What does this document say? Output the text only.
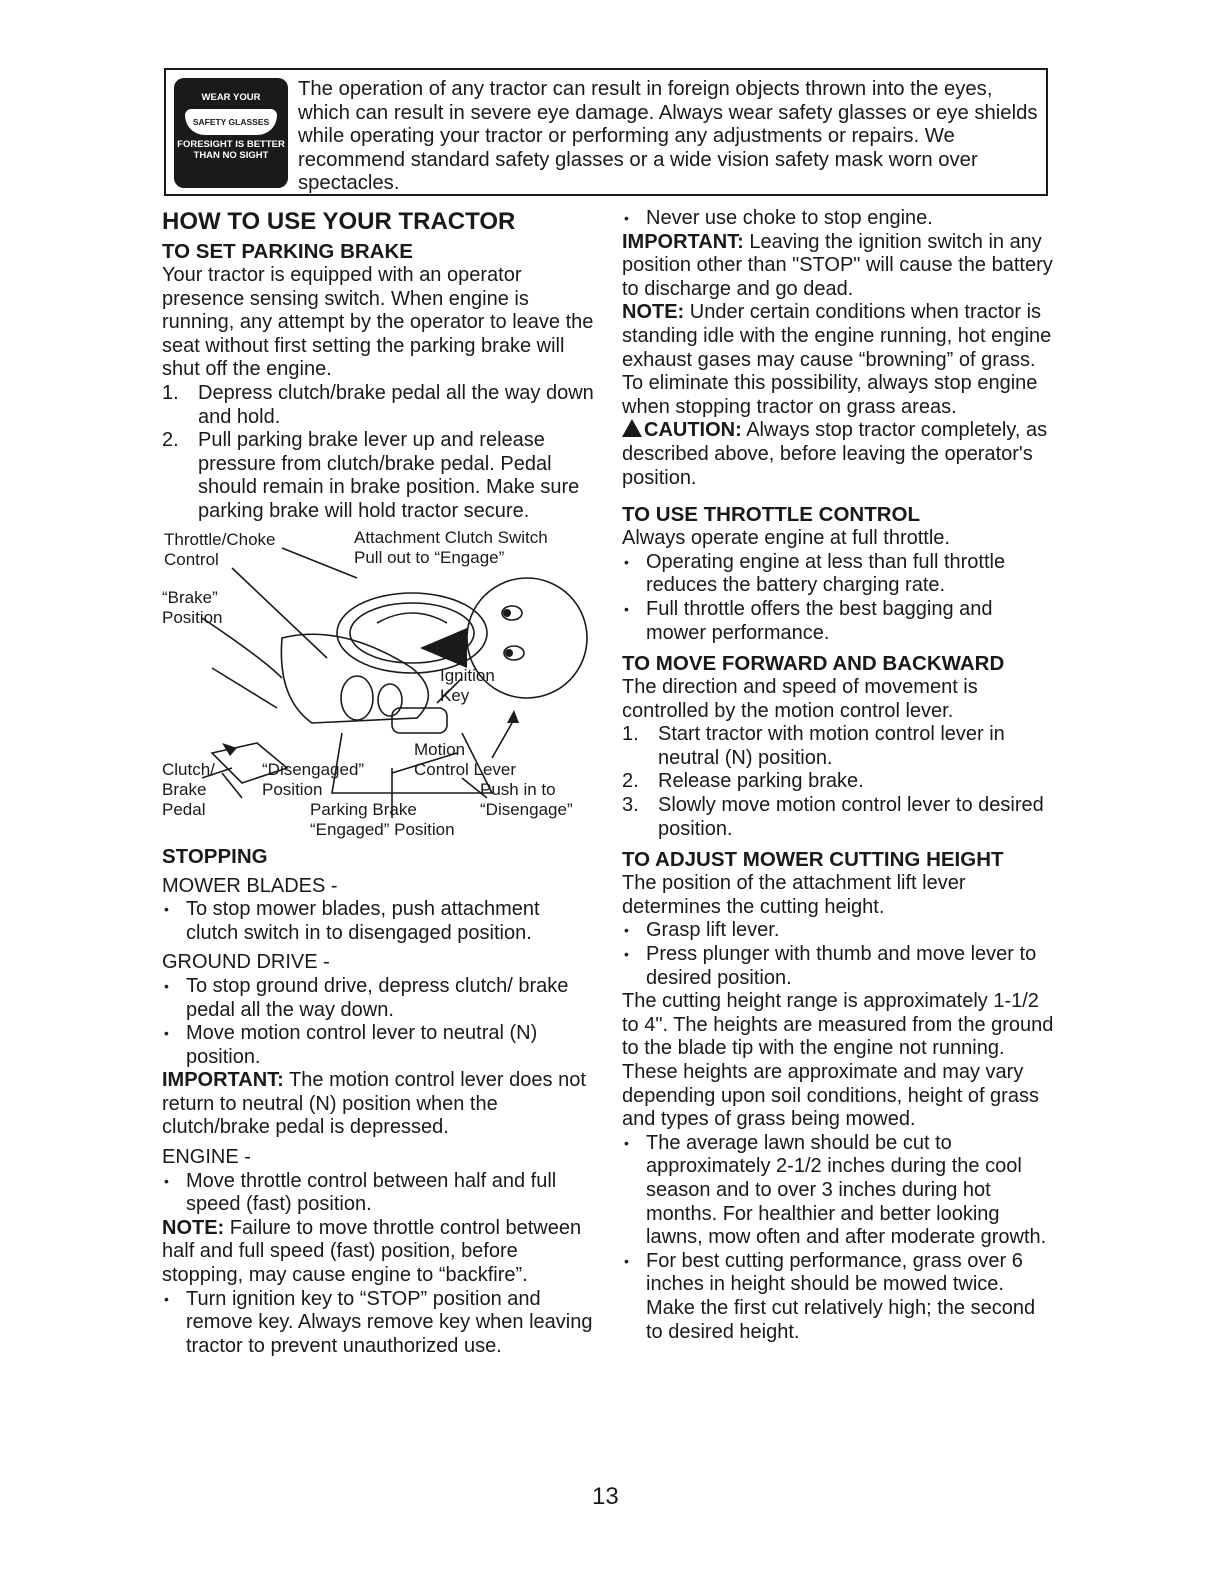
WEAR YOUR
SAFETY GLASSES
FORESIGHT IS BETTER THAN NO SIGHT
The operation of any tractor can result in foreign objects thrown into the eyes, which can result in severe eye damage. Always wear safety glasses or eye shields while operating your tractor or performing any adjustments or repairs. We recommend standard safety glasses or a wide vision safety mask worn over spectacles.
HOW TO USE YOUR TRACTOR
TO SET PARKING BRAKE

Your tractor is equipped with an operator presence sensing switch. When engine is running, any attempt by the operator to leave the seat without first setting the parking brake will shut off the engine.

1. Depress clutch/brake pedal all the way down and hold.
2. Pull parking brake lever up and release pressure from clutch/brake pedal. Pedal should remain in brake position. Make sure parking brake will hold tractor secure.
Throttle/Choke
Control
Attachment Clutch Switch
Pull out to “Engage”
“Brake”
Position
Ignition
Key
Motion
Clutch/
Brake
Pedal
“Disengaged”
Position
Control Lever
Push in to
“Disengage”
Parking Brake
“Engaged” Position
STOPPING

MOWER BLADES -

• To stop mower blades, push attachment clutch switch in to disengaged position.

GROUND DRIVE -

• To stop ground drive, depress clutch/ brake pedal all the way down.
• Move motion control lever to neutral (N) position.

IMPORTANT: The motion control lever does not return to neutral (N) position when the clutch/brake pedal is depressed.

ENGINE -

• Move throttle control between half and full speed (fast) position.

NOTE: Failure to move throttle control between half and full speed (fast) position, before stopping, may cause engine to “backfire”.

• Turn ignition key to “STOP” position and remove key. Always remove key when leaving tractor to prevent unauthorized use.
• Never use choke to stop engine.

IMPORTANT: Leaving the ignition switch in any position other than "STOP" will cause the battery to discharge and go dead.

NOTE: Under certain conditions when tractor is standing idle with the engine running, hot engine exhaust gases may cause “browning” of grass. To eliminate this possibility, always stop engine when stopping tractor on grass areas.

CAUTION: Always stop tractor completely, as described above, before leaving the operator's position.

TO USE THROTTLE CONTROL

Always operate engine at full throttle.

• Operating engine at less than full throttle reduces the battery charging rate.
• Full throttle offers the best bagging and mower performance.
TO MOVE FORWARD AND BACKWARD

The direction and speed of movement is controlled by the motion control lever.

1. Start tractor with motion control lever in neutral (N) position.
2. Release parking brake.
3. Slowly move motion control lever to desired position.
TO ADJUST MOWER CUTTING HEIGHT

The position of the attachment lift lever determines the cutting height.

• Grasp lift lever.
• Press plunger with thumb and move lever to desired position.

The cutting height range is approximately 1-1/2 to 4". The heights are measured from the ground to the blade tip with the engine not running. These heights are approximate and may vary depending upon soil conditions, height of grass and types of grass being mowed.

• The average lawn should be cut to approximately 2-1/2 inches during the cool season and to over 3 inches during hot months. For healthier and better looking lawns, mow often and after moderate growth.
• For best cutting performance, grass over 6 inches in height should be mowed twice. Make the first cut relatively high; the second to desired height.
13
